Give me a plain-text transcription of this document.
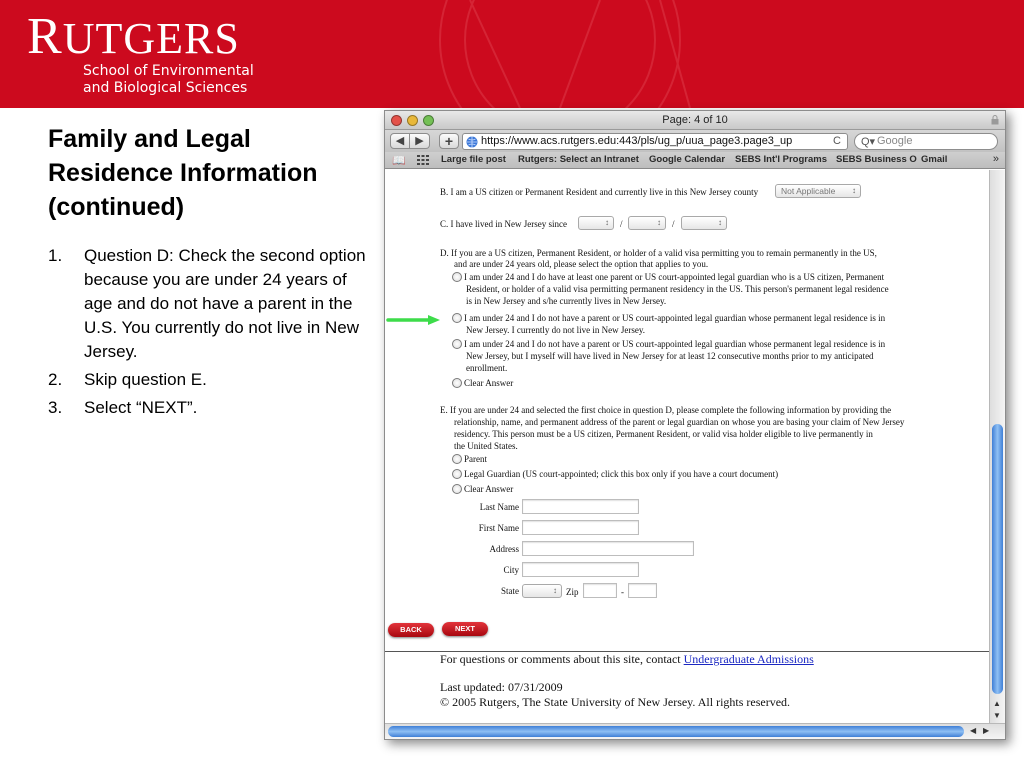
RUTGERS
School of Environmental
and Biological Sciences
Family and Legal Residence Information (continued)
1. Question D: Check the second option because you are under 24 years of age and do not have a parent in the U.S. You currently do not live in New Jersey.
2. Skip question E.
3. Select “NEXT”.
Page: 4 of 10
◀	▶	+	https://www.acs.rutgers.edu:443/pls/ug_p/uua_page3.page3_up	C Q▾ Google
📖	Large file post Rutgers: Select an Intranet Google Calendar SEBS Int'l Programs SEBS Business O Gmail	»
B. I am a US citizen or Permanent Resident and currently live in this New Jersey county	Not Applicable ↕
C. I have lived in New Jersey since	↕ /	↕ /	↕
D. If you are a US citizen, Permanent Resident, or holder of a valid visa permitting you to remain permanently in the US,
and are under 24 years old, please select the option that applies to you.
I am under 24 and I do have at least one parent or US court-appointed legal guardian who is a US citizen, Permanent
Resident, or holder of a valid visa permitting permanent residency in the US. This person's permanent legal residence
is in New Jersey and s/he currently lives in New Jersey.
I am under 24 and I do not have a parent or US court-appointed legal guardian whose permanent legal residence is in
New Jersey. I currently do not live in New Jersey.
I am under 24 and I do not have a parent or US court-appointed legal guardian whose permanent legal residence is in
New Jersey, but I myself will have lived in New Jersey for at least 12 consecutive months prior to my anticipated
enrollment.
Clear Answer
E. If you are under 24 and selected the first choice in question D, please complete the following information by providing the
relationship, name, and permanent address of the parent or legal guardian on whose you are basing your claim of New Jersey
residency. This person must be a US citizen, Permanent Resident, or valid visa holder eligible to live permanently in
the United States.
Parent
Legal Guardian (US court-appointed; click this box only if you have a court document)
Clear Answer
Last Name
First Name
Address
City
State	↕ Zip	-
BACK	NEXT
For questions or comments about this site, contact Undergraduate Admissions
Last updated: 07/31/2009
© 2005 Rutgers, The State University of New Jersey. All rights reserved.	▲
▼
◀ ▶
